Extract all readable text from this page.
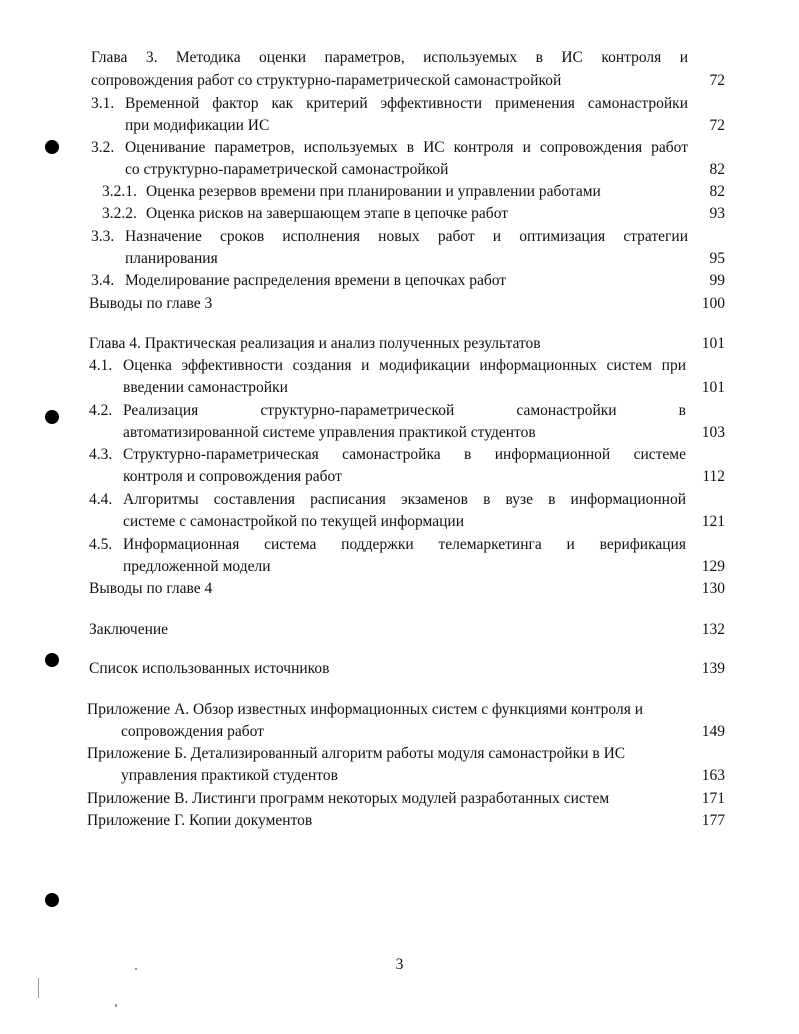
Глава 3. Методика оценки параметров, используемых в ИС контроля и
сопровождения работ со структурно-параметрической самонастройкой	72
3.1. Временной фактор как критерий эффективности применения самонастройки
при модификации ИС	72
3.2. Оценивание параметров, используемых в ИС контроля и сопровождения работ
со структурно-параметрической самонастройкой	82
3.2.1. Оценка резервов времени при планировании и управлении работами	82
3.2.2. Оценка рисков на завершающем этапе в цепочке работ	93
3.3. Назначение сроков исполнения новых работ и оптимизация стратегии
планирования	95
3.4. Моделирование распределения времени в цепочках работ	99
Выводы по главе 3	100
Глава 4. Практическая реализация и анализ полученных результатов	101
4.1. Оценка эффективности создания и модификации информационных систем при
введении самонастройки	101
4.2. Реализация структурно-параметрической самонастройки в
автоматизированной системе управления практикой студентов	103
4.3. Структурно-параметрическая самонастройка в информационной системе
контроля и сопровождения работ	112
4.4. Алгоритмы составления расписания экзаменов в вузе в информационной
системе с самонастройкой по текущей информации	121
4.5. Информационная система поддержки телемаркетинга и верификация
предложенной модели	129
Выводы по главе 4	130
Заключение	132
Список использованных источников	139
Приложение А. Обзор известных информационных систем с функциями контроля и
сопровождения работ	149
Приложение Б. Детализированный алгоритм работы модуля самонастройки в ИС
управления практикой студентов	163
Приложение В. Листинги программ некоторых модулей разработанных систем	171
Приложение Г. Копии документов	177
3
